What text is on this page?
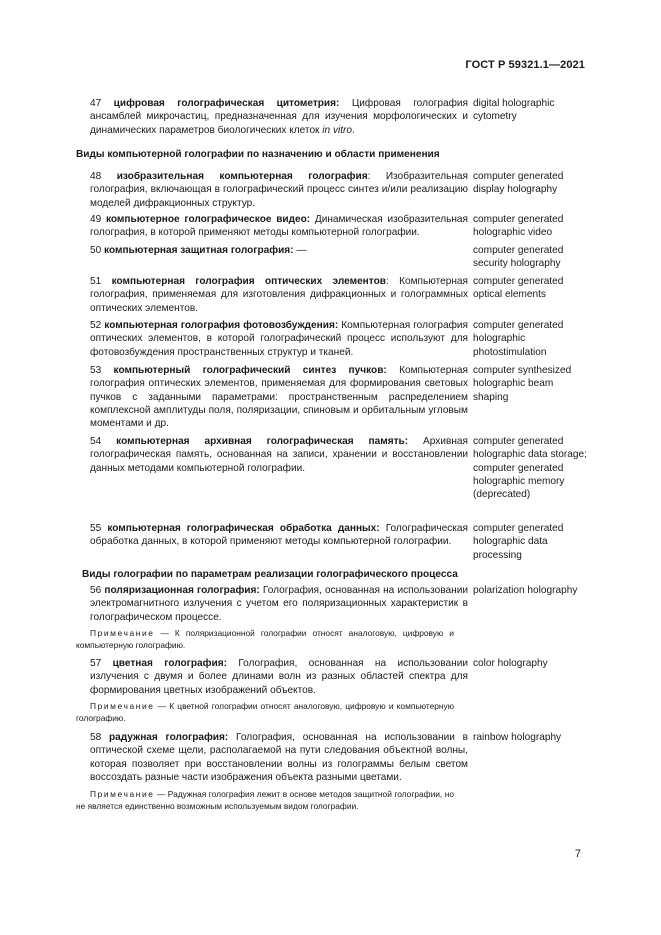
ГОСТ Р 59321.1—2021
47 цифровая голографическая цитометрия: Цифровая голография ансамблей микрочастиц, предназначенная для изучения морфологических и динамических параметров биологических клеток in vitro.
digital holographic cytometry
Виды компьютерной голографии по назначению и области применения
48 изобразительная компьютерная голография: Изобразительная голография, включающая в голографический процесс синтез и/или реализацию моделей дифракционных структур.
computer generated display holography
49 компьютерное голографическое видео: Динамическая изобразительная голография, в которой применяют методы компьютерной голографии.
computer generated holographic video
50 компьютерная защитная голография: —	computer generated security holography
51 компьютерная голография оптических элементов: Компьютерная голография, применяемая для изготовления дифракционных и голограммных оптических элементов.
computer generated optical elements
52 компьютерная голография фотовозбуждения: Компьютерная голография оптических элементов, в которой голографический процесс используют для фотовозбуждения пространственных структур и тканей.
computer generated holographic photostimulation
53 компьютерный голографический синтез пучков: Компьютерная голография оптических элементов, применяемая для формирования световых пучков с заданными параметрами: пространственным распределением комплексной амплитуды поля, поляризации, спиновым и орбитальным угловым моментами и др.
computer synthesized holographic beam shaping
54 компьютерная архивная голографическая память: Архивная голографическая память, основанная на записи, хранении и восстановлении данных методами компьютерной голографии.
computer generated holographic data storage; computer generated holographic memory (deprecated)
55 компьютерная голографическая обработка данных: Голографическая обработка данных, в которой применяют методы компьютерной голографии.
computer generated holographic data processing
Виды голографии по параметрам реализации голографического процесса
56 поляризационная голография: Голография, основанная на использовании электромагнитного излучения с учетом его поляризационных характеристик в голографическом процессе.
polarization holography
Примечание — К поляризационной голографии относят аналоговую, цифровую и компьютерную голографию.
57 цветная голография: Голография, основанная на использовании излучения с двумя и более длинами волн из разных областей спектра для формирования цветных изображений объектов.
color holography
Примечание — К цветной голографии относят аналоговую, цифровую и компьютерную голографию.
58 радужная голография: Голография, основанная на использовании в оптической схеме щели, располагаемой на пути следования объектной волны, которая позволяет при восстановлении волны из голограммы белым светом воссоздать разные части изображения объекта разными цветами.
rainbow holography
Примечание — Радужная голография лежит в основе методов защитной голографии, но не является единственно возможным используемым видом голографии.
7
